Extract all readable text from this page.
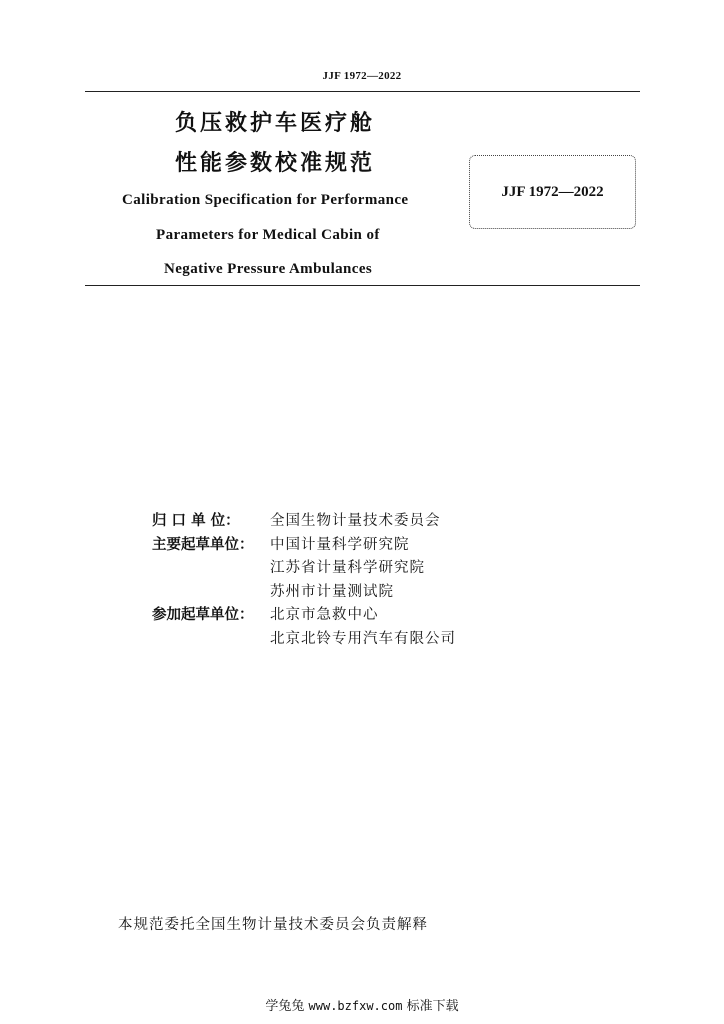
JJF 1972—2022
负压救护车医疗舱
性能参数校准规范
Calibration Specification for Performance
Parameters for Medical Cabin of
Negative Pressure Ambulances
JJF 1972—2022
归 口 单 位：	全国生物计量技术委员会
主要起草单位：	中国计量科学研究院
江苏省计量科学研究院
苏州市计量测试院
参加起草单位：	北京市急救中心
北京北铃专用汽车有限公司
本规范委托全国生物计量技术委员会负责解释
学兔兔 www.bzfxw.com 标准下载
